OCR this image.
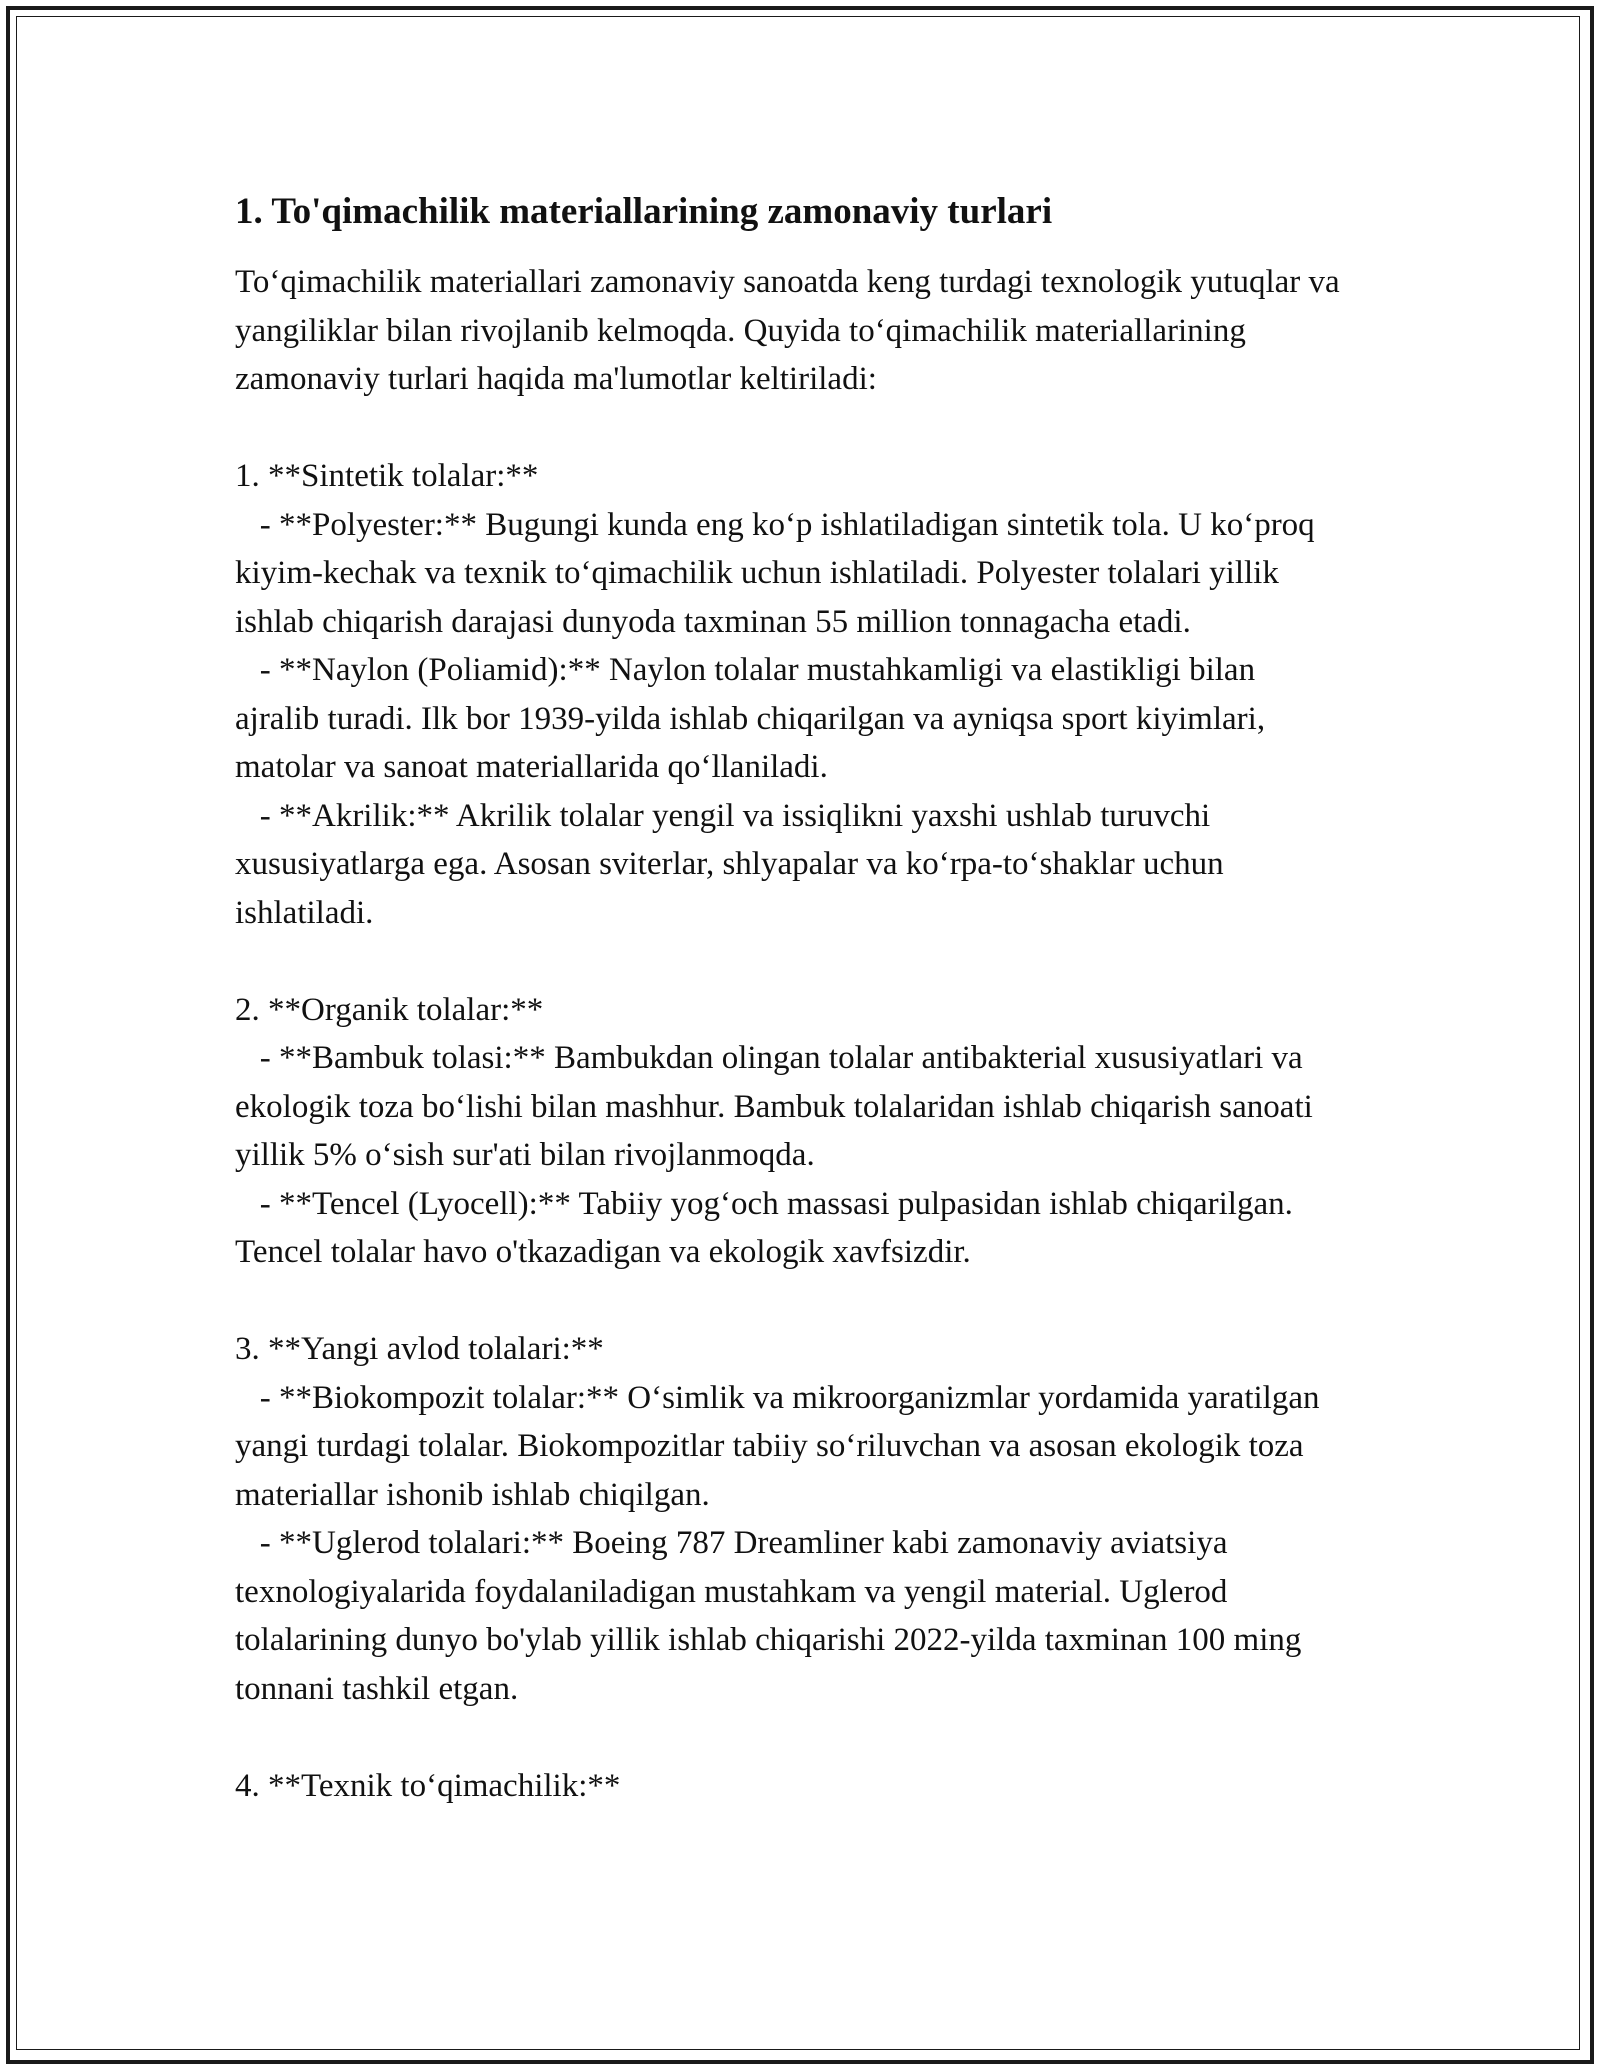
1. To'qimachilik materiallarining zamonaviy turlari
To‘qimachilik materiallari zamonaviy sanoatda keng turdagi texnologik yutuqlar va yangiliklar bilan rivojlanib kelmoqda. Quyida to‘qimachilik materiallarining zamonaviy turlari haqida ma'lumotlar keltiriladi:
1. **Sintetik tolalar:**
- **Polyester:** Bugungi kunda eng ko‘p ishlatiladigan sintetik tola. U ko‘proq kiyim-kechak va texnik to‘qimachilik uchun ishlatiladi. Polyester tolalari yillik ishlab chiqarish darajasi dunyoda taxminan 55 million tonnagacha etadi.
- **Naylon (Poliamid):** Naylon tolalar mustahkamligi va elastikligi bilan ajralib turadi. Ilk bor 1939-yilda ishlab chiqarilgan va ayniqsa sport kiyimlari, matolar va sanoat materiallarida qo‘llaniladi.
- **Akrilik:** Akrilik tolalar yengil va issiqlikni yaxshi ushlab turuvchi xususiyatlarga ega. Asosan sviterlar, shlyapalar va ko‘rpa-to‘shaklar uchun ishlatiladi.
2. **Organik tolalar:**
- **Bambuk tolasi:** Bambukdan olingan tolalar antibakterial xususiyatlari va ekologik toza bo‘lishi bilan mashhur. Bambuk tolalaridan ishlab chiqarish sanoati yillik 5% o‘sish sur'ati bilan rivojlanmoqda.
- **Tencel (Lyocell):** Tabiiy yog‘och massasi pulpasidan ishlab chiqarilgan. Tencel tolalar havo o'tkazadigan va ekologik xavfsizdir.
3. **Yangi avlod tolalari:**
- **Biokompozit tolalar:** O‘simlik va mikroorganizmlar yordamida yaratilgan yangi turdagi tolalar. Biokompozitlar tabiiy so‘riluvchan va asosan ekologik toza materiallar ishonib ishlab chiqilgan.
- **Uglerod tolalari:** Boeing 787 Dreamliner kabi zamonaviy aviatsiya texnologiyalarida foydalaniladigan mustahkam va yengil material. Uglerod tolalarining dunyo bo'ylab yillik ishlab chiqarishi 2022-yilda taxminan 100 ming tonnani tashkil etgan.
4. **Texnik to‘qimachilik:**
